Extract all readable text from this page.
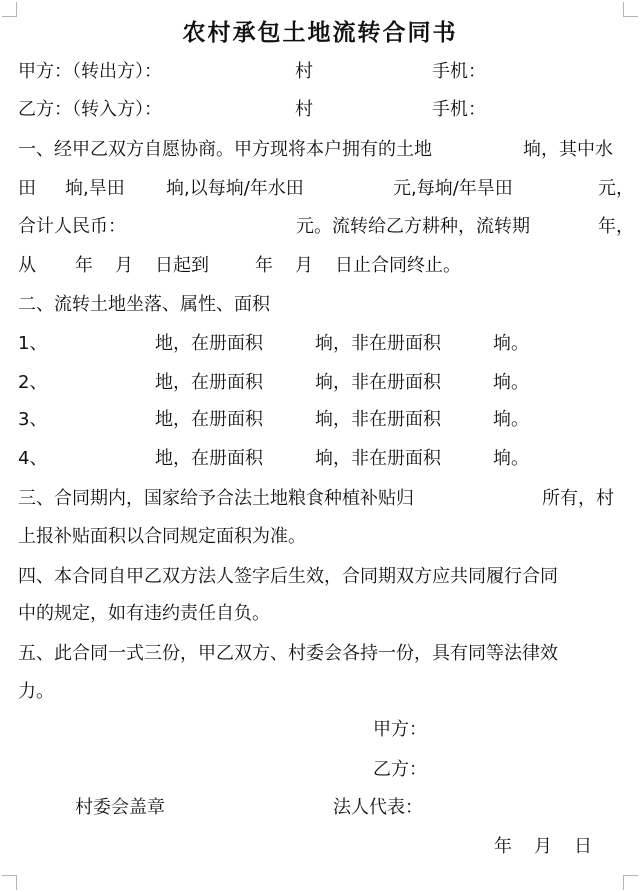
农村承包土地流转合同书
甲方：（转出方）：	村	手机：
乙方：（转入方）：	村	手机：
一、经甲乙双方自愿协商。甲方现将本户拥有的土地	垧，其中水
田 垧,旱田 垧,以每垧/年水田	元,每垧/年旱田	元，
合计人民币：	元。流转给乙方耕种，流转期	年，
从 年 月 日起到	年 月 日止合同终止。
二、流转土地坐落、属性、面积
1、	地，在册面积	垧，非在册面积	垧。
2、	地，在册面积	垧，非在册面积	垧。
3、	地，在册面积	垧，非在册面积	垧。
4、	地，在册面积	垧，非在册面积	垧。
三、合同期内，国家给予合法土地粮食种植补贴归	所有，村
上报补贴面积以合同规定面积为准。
四、本合同自甲乙双方法人签字后生效，合同期双方应共同履行合同
中的规定，如有违约责任自负。
五、此合同一式三份，甲乙双方、村委会各持一份，具有同等法律效
力。
甲方：
乙方：
村委会盖章	法人代表：
年 月 日
